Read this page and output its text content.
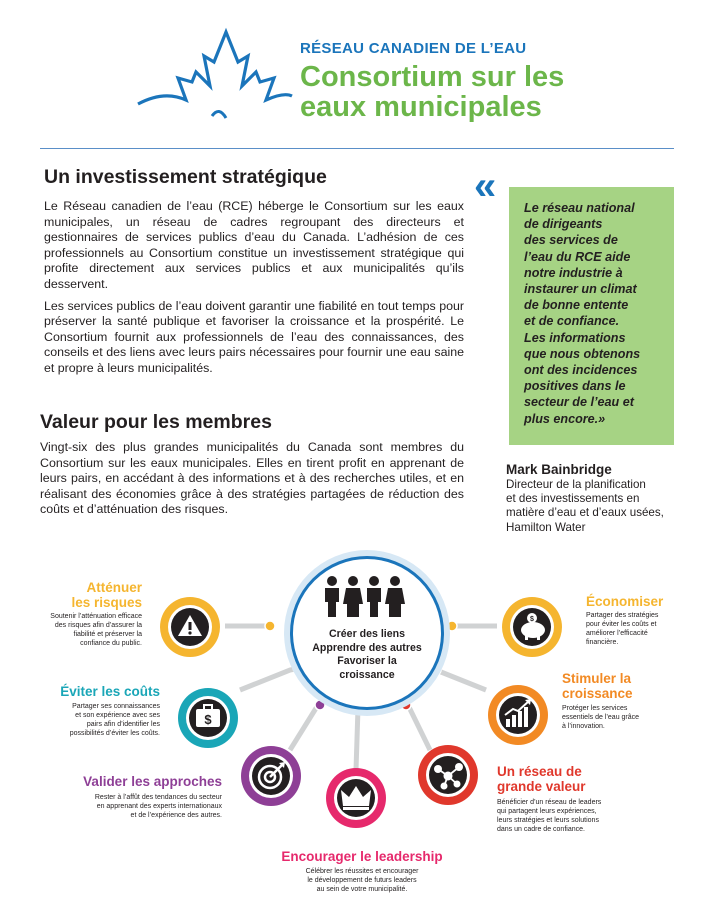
RÉSEAU CANADIEN DE L’EAU
Consortium sur les
eaux municipales
Un investissement stratégique

Le Réseau canadien de l’eau (RCE) héberge le Consortium sur les eaux municipales, un réseau de cadres regroupant des directeurs et gestionnaires de services publics d’eau du Canada. L’adhésion de ces professionnels au Consortium constitue un investissement stratégique qui profite directement aux services publics et aux municipalités qu’ils desservent.

Les services publics de l’eau doivent garantir une fiabilité en tout temps pour préserver la santé publique et favoriser la croissance et la prospérité. Le Consortium fournit aux professionnels de l’eau des connaissances, des conseils et des liens avec leurs pairs nécessaires pour fournir une eau saine et propre à leurs municipalités.

Valeur pour les membres

Vingt-six des plus grandes municipalités du Canada sont membres du Consortium sur les eaux municipales. Elles en tirent profit en apprenant de leurs pairs, en accédant à des informations et à des recherches utiles, et en réalisant des économies grâce à des stratégies partagées de réduction des coûts et d’atténuation des risques.

«	Le réseau national
de dirigeants
des services de
l’eau du RCE aide
notre industrie à
instaurer un climat
de bonne entente
et de confiance.
Les informations
que nous obtenons
ont des incidences
positives dans le
secteur de l’eau et
plus encore.»
Mark Bainbridge
Directeur de la planification
et des investissements en
matière d’eau et d’eaux usées,
Hamilton Water
Créer des liens
Apprendre des autres
Favoriser la
croissance
Atténuer
les risques
Soutenir l’atténuation efficace
des risques afin d’assurer la
fiabilité et préserver la
confiance du public.
$
Éviter les coûts
Partager ses connaissances
et son expérience avec ses
pairs afin d’identifier les
possibilités d’éviter les coûts.
Valider les approches
Rester à l’affût des tendances du secteur
en apprenant des experts internationaux
et de l’expérience des autres.
Encourager le leadership
Célébrer les réussites et encourager
le développement de futurs leaders
au sein de votre municipalité.
Un réseau de
grande valeur
Bénéficier d’un réseau de leaders
qui partagent leurs expériences,
leurs stratégies et leurs solutions
dans un cadre de confiance.
Stimuler la
croissance
Protéger les services
essentiels de l’eau grâce
à l’innovation.
$
Économiser
Partager des stratégies
pour éviter les coûts et
améliorer l’efficacité
financière.
